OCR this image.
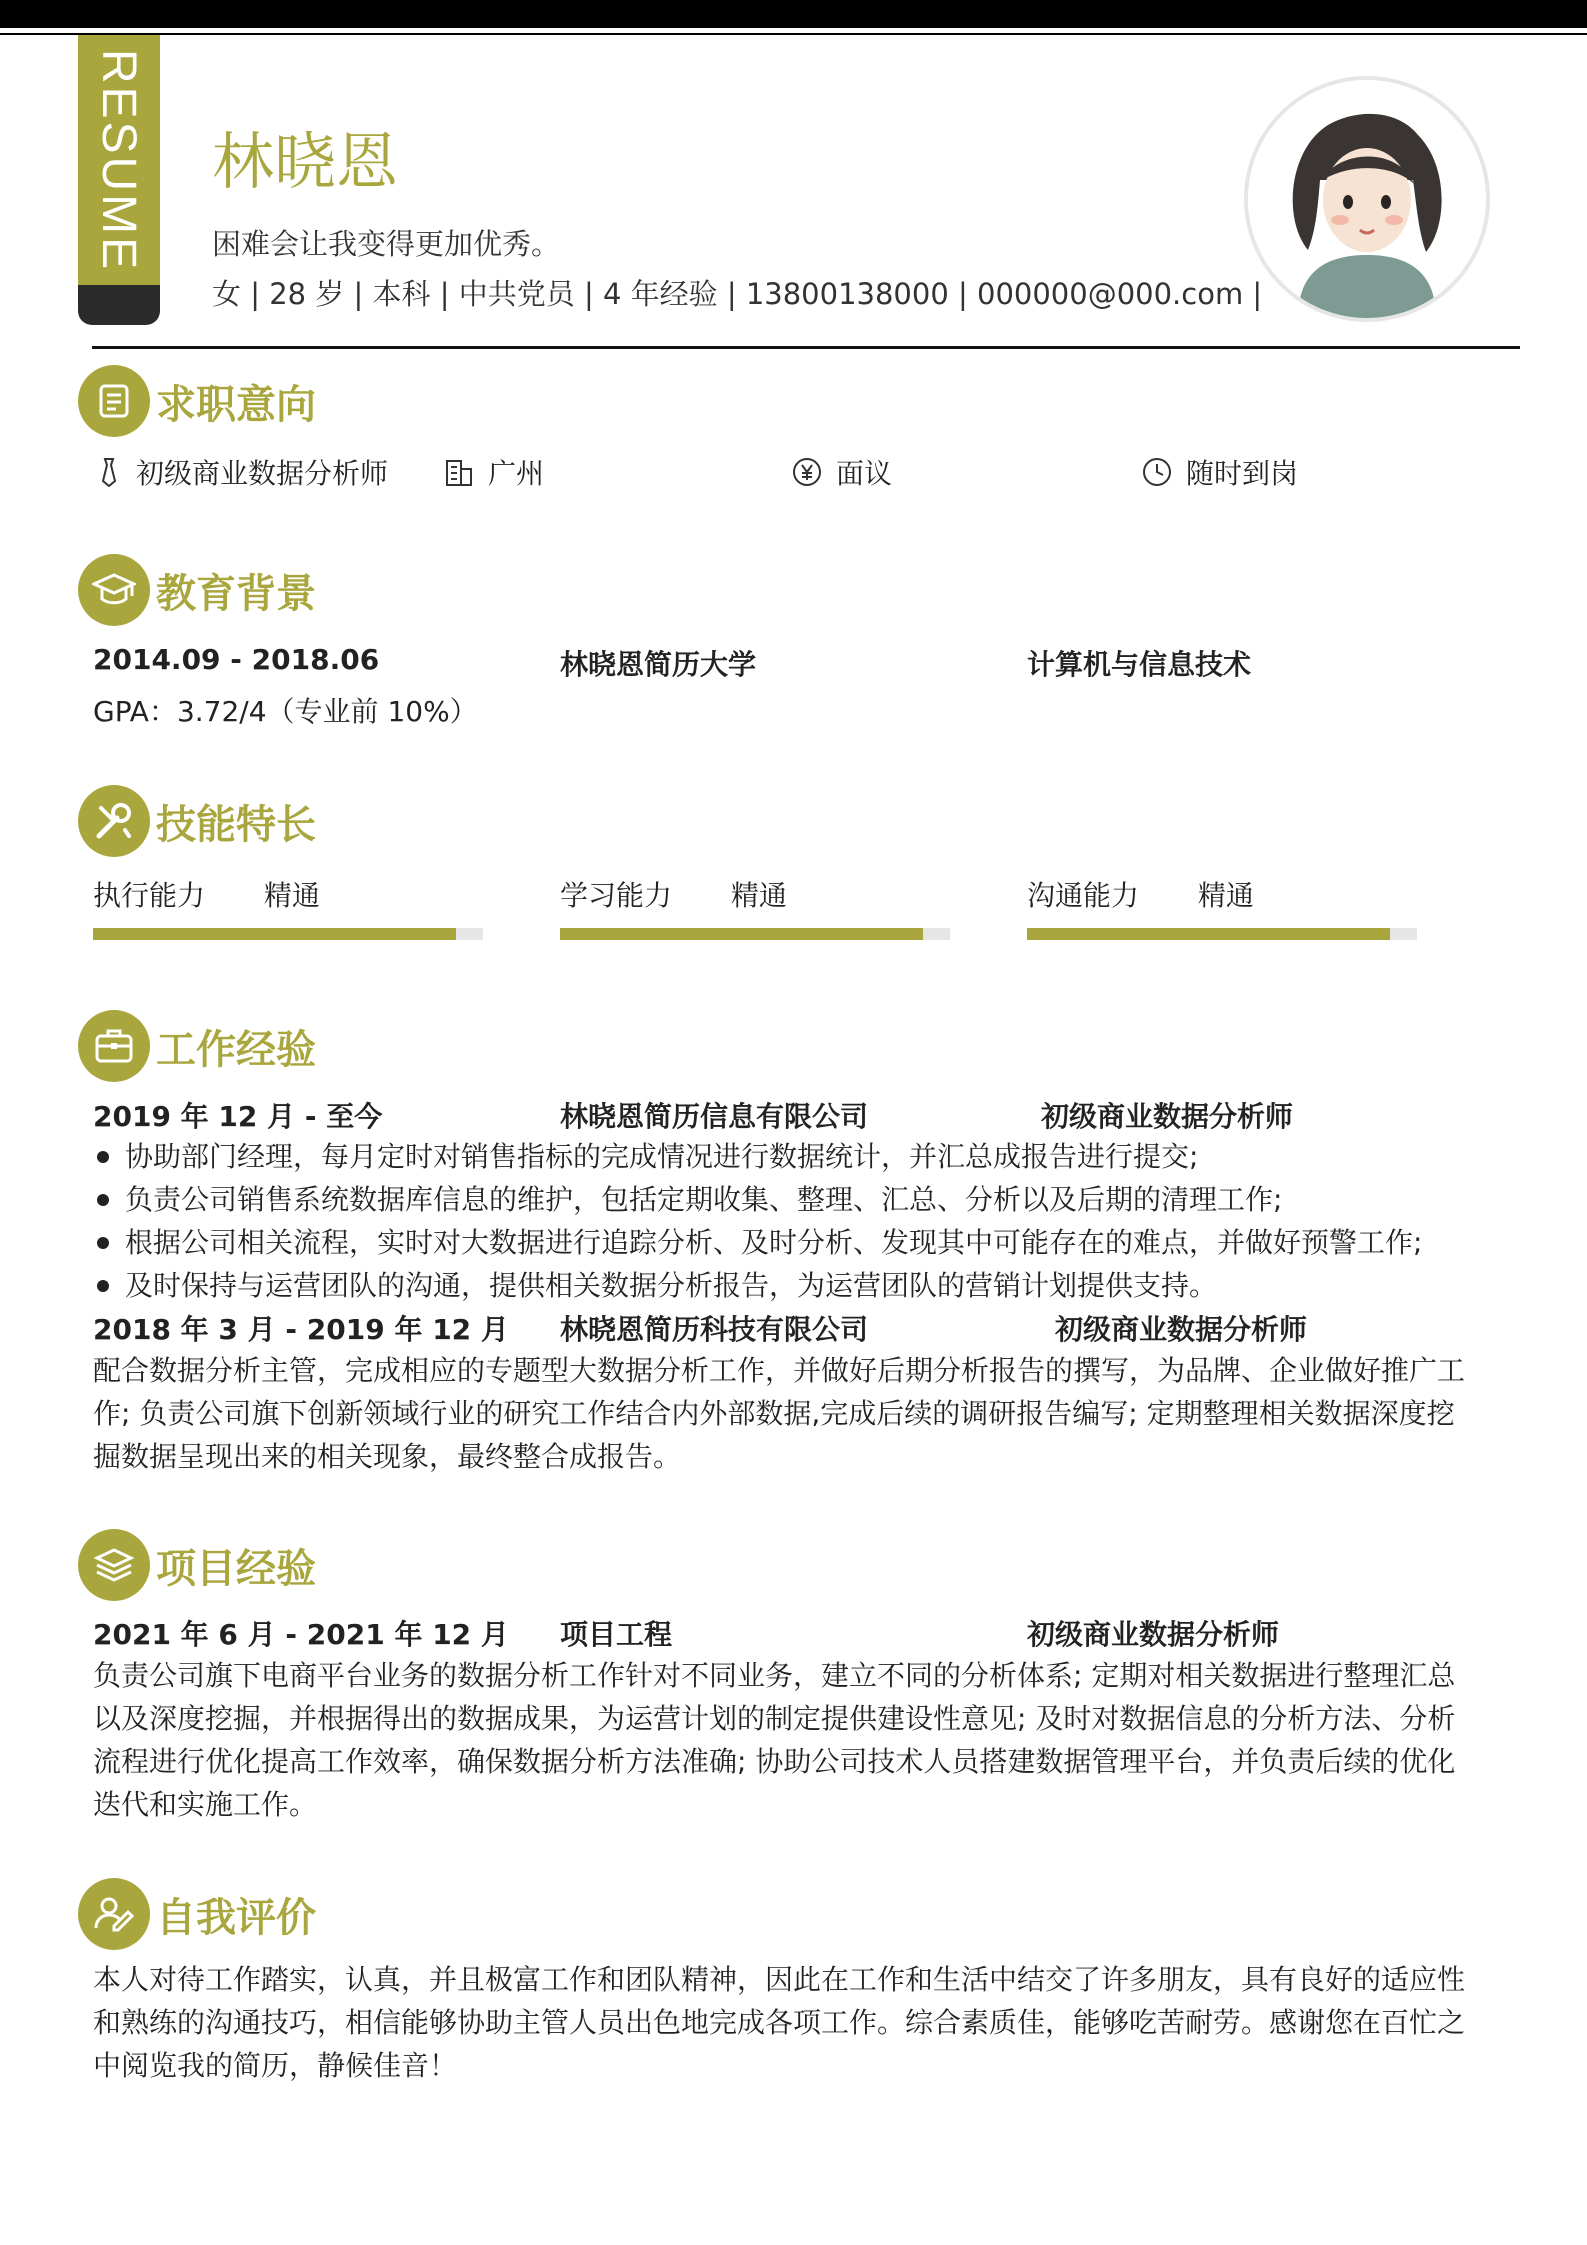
RESUME 林晓恩
困难会让我变得更加优秀。
女 | 28 岁 | 本科 | 中共党员 | 4 年经验 | 13800138000 | 000000@000.com |
求职意向
初级商业数据分析师	广州	面议	随时到岗
教育背景
2014.09 - 2018.06	林晓恩简历大学	计算机与信息技术
GPA：3.72/4（专业前 10%）
技能特长
执行能力 精通	学习能力 精通	沟通能力 精通
工作经验
2019 年 12 月 - 至今	林晓恩简历信息有限公司	初级商业数据分析师
协助部门经理，每月定时对销售指标的完成情况进行数据统计，并汇总成报告进行提交;
负责公司销售系统数据库信息的维护，包括定期收集、整理、汇总、分析以及后期的清理工作;
根据公司相关流程，实时对大数据进行追踪分析、及时分析、发现其中可能存在的难点，并做好预警工作;
及时保持与运营团队的沟通，提供相关数据分析报告，为运营团队的营销计划提供支持。
2018 年 3 月 - 2019 年 12 月 林晓恩简历科技有限公司	初级商业数据分析师
配合数据分析主管，完成相应的专题型大数据分析工作，并做好后期分析报告的撰写，为品牌、企业做好推广工作; 负责公司旗下创新领域行业的研究工作结合内外部数据,完成后续的调研报告编写; 定期整理相关数据深度挖掘数据呈现出来的相关现象，最终整合成报告。
项目经验
2021 年 6 月 - 2021 年 12 月 项目工程	初级商业数据分析师
负责公司旗下电商平台业务的数据分析工作针对不同业务，建立不同的分析体系; 定期对相关数据进行整理汇总以及深度挖掘，并根据得出的数据成果，为运营计划的制定提供建设性意见; 及时对数据信息的分析方法、分析流程进行优化提高工作效率，确保数据分析方法准确; 协助公司技术人员搭建数据管理平台，并负责后续的优化迭代和实施工作。
自我评价
本人对待工作踏实，认真，并且极富工作和团队精神，因此在工作和生活中结交了许多朋友，具有良好的适应性和熟练的沟通技巧，相信能够协助主管人员出色地完成各项工作。综合素质佳，能够吃苦耐劳。感谢您在百忙之中阅览我的简历，静候佳音！
